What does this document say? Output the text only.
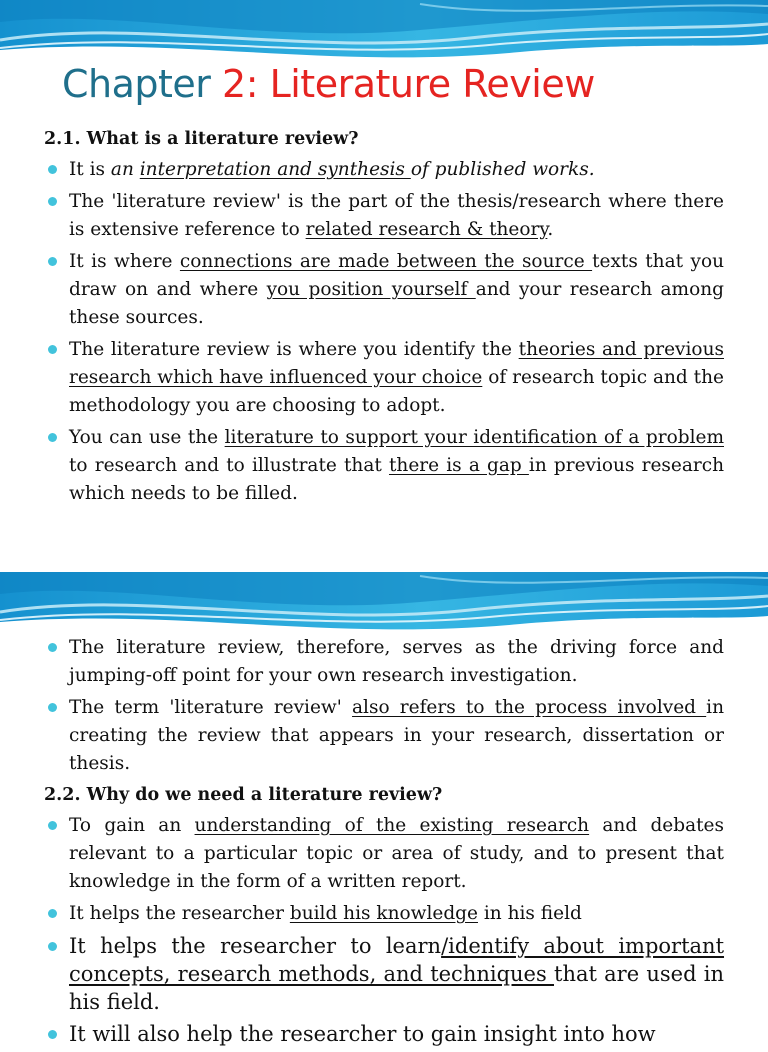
Chapter 2: Literature Review

2.1. What is a literature review?

It is an interpretation and synthesis of published works.
The 'literature review' is the part of the thesis/research where there is extensive reference to related research & theory.
It is where connections are made between the source texts that you draw on and where you position yourself and your research among these sources.
The literature review is where you identify the theories and previous research which have influenced your choice of research topic and the methodology you are choosing to adopt.
You can use the literature to support your identification of a problem to research and to illustrate that there is a gap in previous research which needs to be filled.
The literature review, therefore, serves as the driving force and jumping-off point for your own research investigation.
The term 'literature review' also refers to the process involved in creating the review that appears in your research, dissertation or thesis.

2.2. Why do we need a literature review?

To gain an understanding of the existing research and debates relevant to a particular topic or area of study, and to present that knowledge in the form of a written report.
It helps the researcher build his knowledge in his field
It helps the researcher to learn/identify about important concepts, research methods, and techniques that are used in his field.
It will also help the researcher to gain insight into how
